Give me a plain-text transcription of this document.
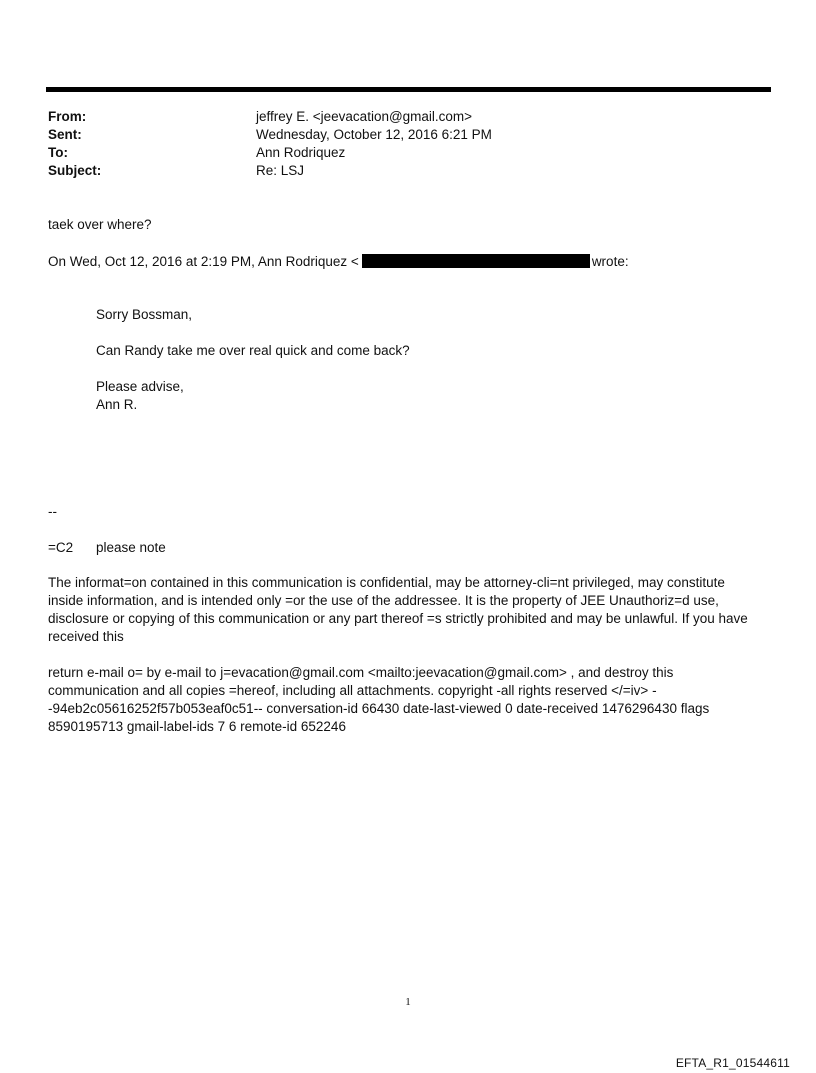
From:	jeffrey E. <jeevacation@gmail.com>
Sent:	Wednesday, October 12, 2016 6:21 PM
To:	Ann Rodriquez
Subject:	Re: LSJ
taek over where?
On Wed, Oct 12, 2016 at 2:19 PM, Ann Rodriquez <	wrote:
Sorry Bossman,
Can Randy take me over real quick and come back?
Please advise,
Ann R.
--
=C2 please note
The informat=on contained in this communication is confidential, may be attorney-cli=nt privileged, may constitute inside information, and is intended only =or the use of the addressee. It is the property of JEE Unauthoriz=d use, disclosure or copying of this communication or any part thereof =s strictly prohibited and may be unlawful. If you have received this
return e-mail o= by e-mail to j=evacation@gmail.com <mailto:jeevacation@gmail.com> , and destroy this communication and all copies =hereof, including all attachments. copyright -all rights reserved </=iv> --94eb2c05616252f57b053eaf0c51-- conversation-id 66430 date-last-viewed 0 date-received 1476296430 flags 8590195713 gmail-label-ids 7 6 remote-id 652246
1
EFTA_R1_01544611
